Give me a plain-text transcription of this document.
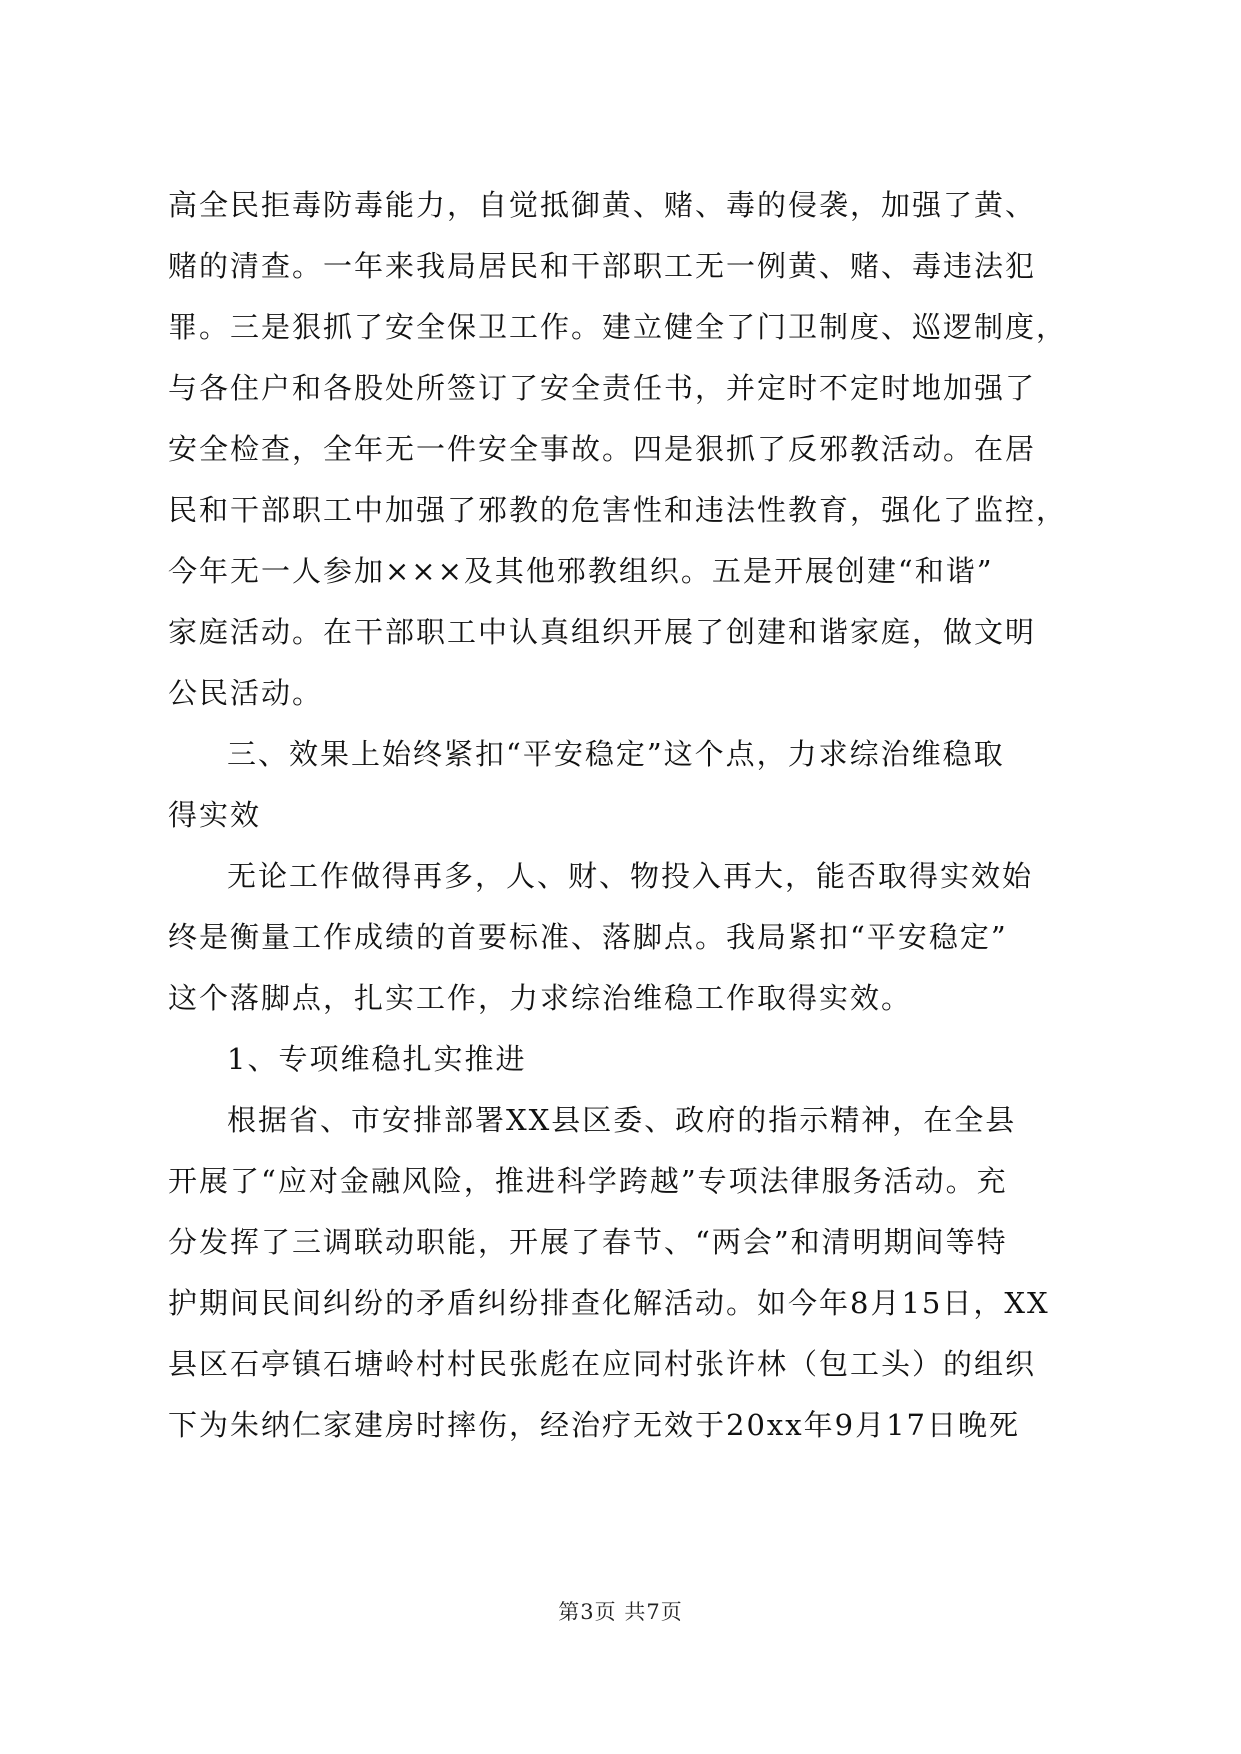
高全民拒毒防毒能力，自觉抵御黄、赌、毒的侵袭，加强了黄、
赌的清查。一年来我局居民和干部职工无一例黄、赌、毒违法犯
罪。三是狠抓了安全保卫工作。建立健全了门卫制度、巡逻制度，
与各住户和各股处所签订了安全责任书，并定时不定时地加强了
安全检查，全年无一件安全事故。四是狠抓了反邪教活动。在居
民和干部职工中加强了邪教的危害性和违法性教育，强化了监控，
今年无一人参加×××及其他邪教组织。五是开展创建“和谐”
家庭活动。在干部职工中认真组织开展了创建和谐家庭，做文明
公民活动。
三、效果上始终紧扣“平安稳定”这个点，力求综治维稳取
得实效
无论工作做得再多，人、财、物投入再大，能否取得实效始
终是衡量工作成绩的首要标准、落脚点。我局紧扣“平安稳定”
这个落脚点，扎实工作，力求综治维稳工作取得实效。
1、专项维稳扎实推进
根据省、市安排部署XX县区委、政府的指示精神，在全县
开展了“应对金融风险，推进科学跨越”专项法律服务活动。充
分发挥了三调联动职能，开展了春节、“两会”和清明期间等特
护期间民间纠纷的矛盾纠纷排查化解活动。如今年8月15日，XX
县区石亭镇石塘岭村村民张彪在应同村张许林（包工头）的组织
下为朱纳仁家建房时摔伤，经治疗无效于20xx年9月17日晚死
第3页 共7页
